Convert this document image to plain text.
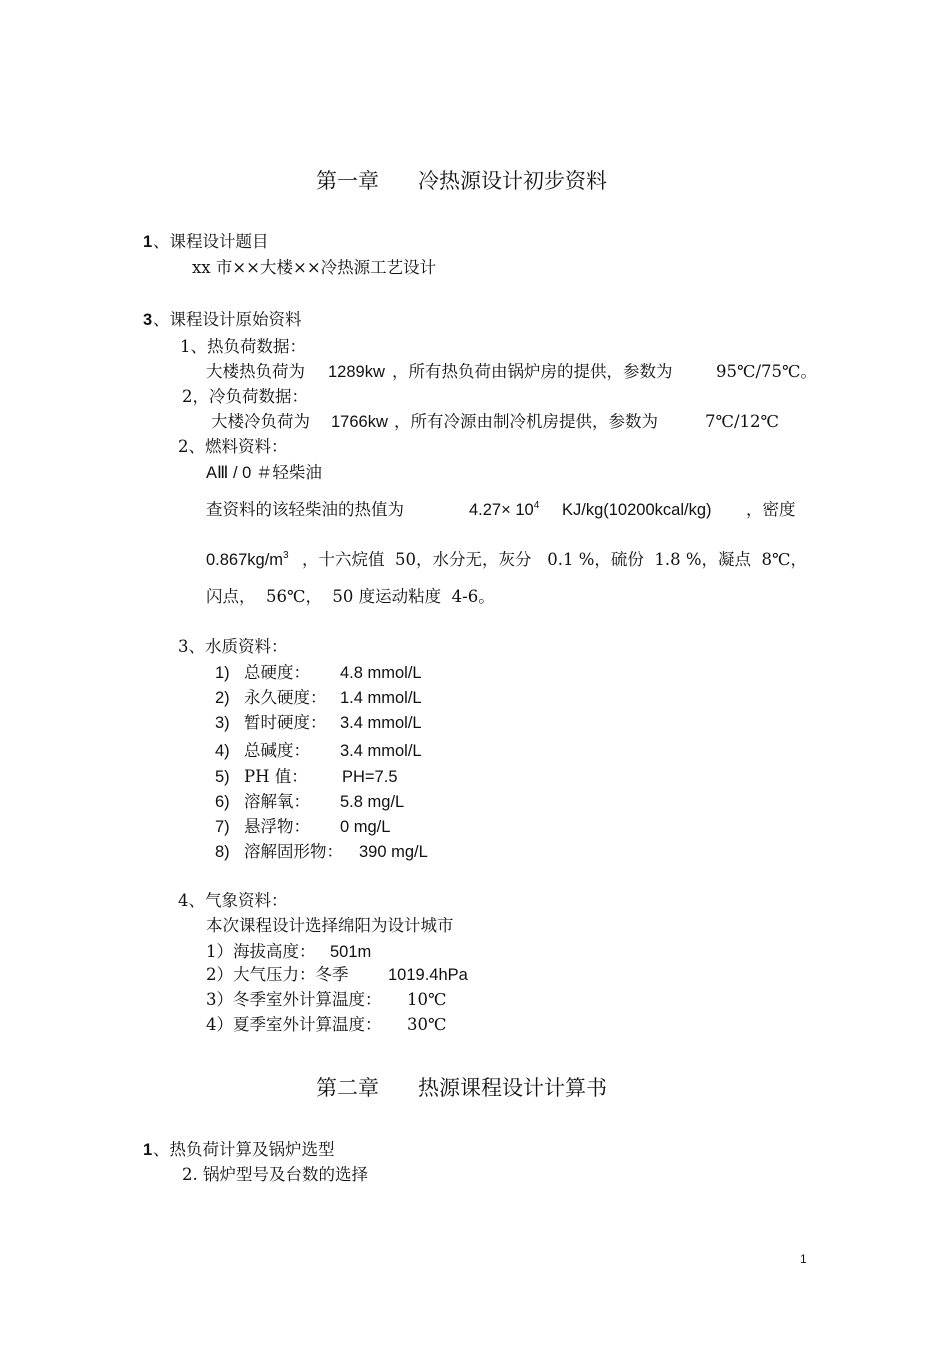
第一章 冷热源设计初步资料
1 、课程设计题目
xx 市××大楼××冷热源工艺设计
3 、课程设计原始资料
1、热负荷数据：
大楼热负荷为 1289kw ，所有热负荷由锅炉房的提供，参数为	95℃/75℃。
2，冷负荷数据：
大楼冷负荷为 1766kw ，所有冷源由制冷机房提供，参数为	7℃/12℃
2、燃料资料：
AⅢ / 0 ＃轻柴油
查资料的该轻柴油的热值为	$4.27\times 10^4$ KJ/kg(10200kcal/kg) ，密度
$0.867kg/m^3$ ，十六烷值  50，水分无，灰分   0.1 %，硫份  1.8 %，凝点  8℃，
闪点，  56℃，  50 度运动粘度  4-6。
3、水质资料：
1) 总硬度： 4.8 mmol/L
2) 永久硬度： 1.4 mmol/L
3) 暂时硬度： 3.4 mmol/L
4) 总碱度： 3.4 mmol/L
5) PH 值： PH=7.5
6) 溶解氧： 5.8 mg/L
7) 悬浮物： 0 mg/L
8) 溶解固形物： 390 mg/L
4、气象资料：
本次课程设计选择绵阳为设计城市
1）海拔高度： 501m
2）大气压力：冬季 1019.4hPa
3）冬季室外计算温度： 10℃
4）夏季室外计算温度： 30℃
第二章 热源课程设计计算书
1 、热负荷计算及锅炉选型
2. 锅炉型号及台数的选择
1
